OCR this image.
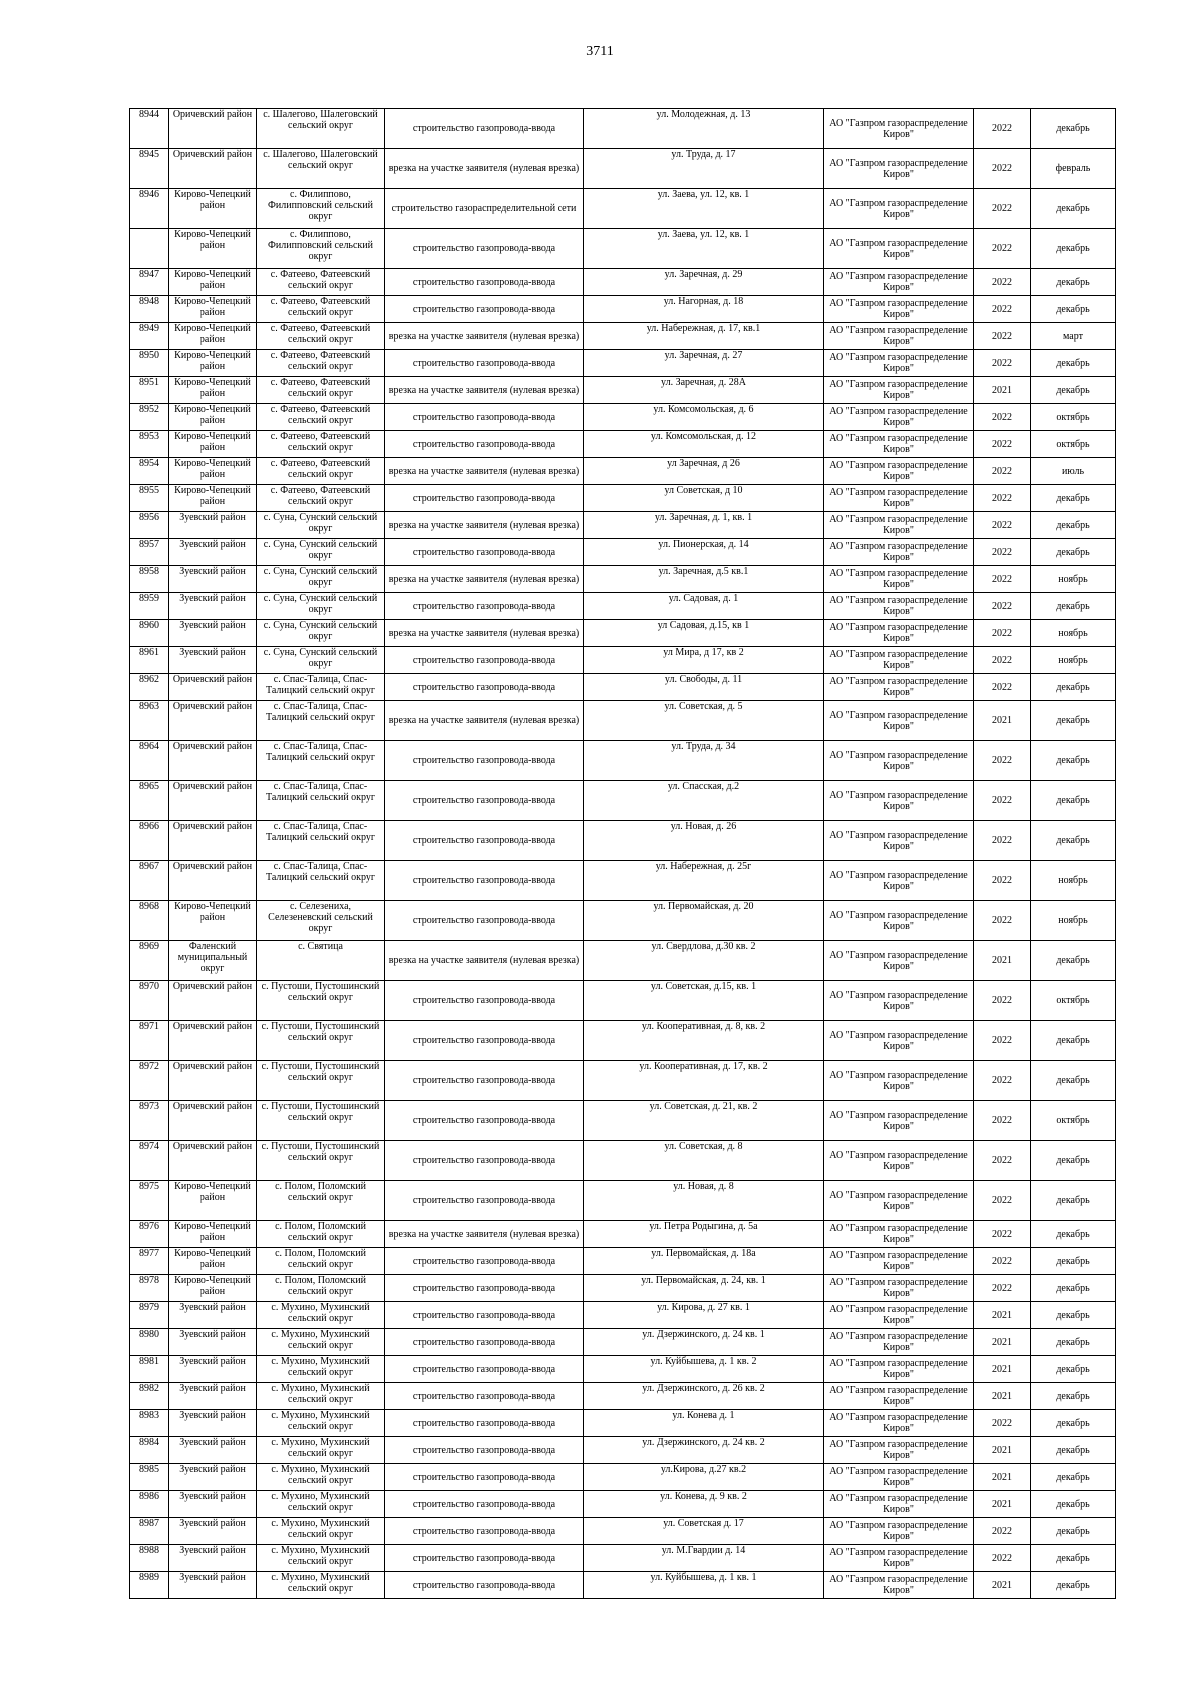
3711
8944	Оричевский район	с. Шалегово, Шалеговский сельский округ	строительство газопровода-ввода	ул. Молодежная, д. 13	АО "Газпром газораспределение Киров"	2022	декабрь
8945	Оричевский район	с. Шалегово, Шалеговский сельский округ	врезка на участке заявителя (нулевая врезка)	ул. Труда, д. 17	АО "Газпром газораспределение Киров"	2022	февраль
8946	Кирово-Чепецкий район	с. Филиппово, Филипповский сельский округ	строительство газораспределительной сети	ул. Зaeва, ул. 12, кв. 1	АО "Газпром газораспределение Киров"	2022	декабрь
	Кирово-Чепецкий район	с. Филиппово, Филипповский сельский округ	строительство газопровода-ввода	ул. Зaeва, ул. 12, кв. 1	АО "Газпром газораспределение Киров"	2022	декабрь
8947	Кирово-Чепецкий район	с. Фатеево, Фатеевский сельский округ	строительство газопровода-ввода	ул. Заречная, д. 29	АО "Газпром газораспределение Киров"	2022	декабрь
8948	Кирово-Чепецкий район	с. Фатеево, Фатеевский сельский округ	строительство газопровода-ввода	ул. Нагорная, д. 18	АО "Газпром газораспределение Киров"	2022	декабрь
8949	Кирово-Чепецкий район	с. Фатеево, Фатеевский сельский округ	врезка на участке заявителя (нулевая врезка)	ул. Набережная, д. 17, кв.1	АО "Газпром газораспределение Киров"	2022	март
8950	Кирово-Чепецкий район	с. Фатеево, Фатеевский сельский округ	строительство газопровода-ввода	ул. Заречная, д. 27	АО "Газпром газораспределение Киров"	2022	декабрь
8951	Кирово-Чепецкий район	с. Фатеево, Фатеевский сельский округ	врезка на участке заявителя (нулевая врезка)	ул. Заречная, д. 28А	АО "Газпром газораспределение Киров"	2021	декабрь
8952	Кирово-Чепецкий район	с. Фатеево, Фатеевский сельский округ	строительство газопровода-ввода	ул. Комсомольская, д. 6	АО "Газпром газораспределение Киров"	2022	октябрь
8953	Кирово-Чепецкий район	с. Фатеево, Фатеевский сельский округ	строительство газопровода-ввода	ул. Комсомольская, д. 12	АО "Газпром газораспределение Киров"	2022	октябрь
8954	Кирово-Чепецкий район	с. Фатеево, Фатеевский сельский округ	врезка на участке заявителя (нулевая врезка)	ул Заречная, д 26	АО "Газпром газораспределение Киров"	2022	июль
8955	Кирово-Чепецкий район	с. Фатеево, Фатеевский сельский округ	строительство газопровода-ввода	ул Советская, д 10	АО "Газпром газораспределение Киров"	2022	декабрь
8956	Зуевский район	с. Суна, Сунский сельский округ	врезка на участке заявителя (нулевая врезка)	ул. Заречная, д. 1, кв. 1	АО "Газпром газораспределение Киров"	2022	декабрь
8957	Зуевский район	с. Суна, Сунский сельский округ	строительство газопровода-ввода	ул. Пионерская, д. 14	АО "Газпром газораспределение Киров"	2022	декабрь
8958	Зуевский район	с. Суна, Сунский сельский округ	врезка на участке заявителя (нулевая врезка)	ул. Заречная, д.5 кв.1	АО "Газпром газораспределение Киров"	2022	ноябрь
8959	Зуевский район	с. Суна, Сунский сельский округ	строительство газопровода-ввода	ул. Садовая, д. 1	АО "Газпром газораспределение Киров"	2022	декабрь
8960	Зуевский район	с. Суна, Сунский сельский округ	врезка на участке заявителя (нулевая врезка)	ул Садовая, д.15, кв 1	АО "Газпром газораспределение Киров"	2022	ноябрь
8961	Зуевский район	с. Суна, Сунский сельский округ	строительство газопровода-ввода	ул Мира, д 17, кв 2	АО "Газпром газораспределение Киров"	2022	ноябрь
8962	Оричевский район	с. Спас-Талица, Спас-Талицкий сельский округ	строительство газопровода-ввода	ул. Свободы, д. 11	АО "Газпром газораспределение Киров"	2022	декабрь
8963	Оричевский район	с. Спас-Талица, Спас-Талицкий сельский округ	врезка на участке заявителя (нулевая врезка)	ул. Советская, д. 5	АО "Газпром газораспределение Киров"	2021	декабрь
8964	Оричевский район	с. Спас-Талица, Спас-Талицкий сельский округ	строительство газопровода-ввода	ул. Труда, д. 34	АО "Газпром газораспределение Киров"	2022	декабрь
8965	Оричевский район	с. Спас-Талица, Спас-Талицкий сельский округ	строительство газопровода-ввода	ул. Спасская, д.2	АО "Газпром газораспределение Киров"	2022	декабрь
8966	Оричевский район	с. Спас-Талица, Спас-Талицкий сельский округ	строительство газопровода-ввода	ул. Новая, д. 26	АО "Газпром газораспределение Киров"	2022	декабрь
8967	Оричевский район	с. Спас-Талица, Спас-Талицкий сельский округ	строительство газопровода-ввода	ул. Набережная, д. 25г	АО "Газпром газораспределение Киров"	2022	ноябрь
8968	Кирово-Чепецкий район	с. Селезениха, Селезеневский сельский округ	строительство газопровода-ввода	ул. Первомайская, д. 20	АО "Газпром газораспределение Киров"	2022	ноябрь
8969	Фаленский муниципальный округ	с. Святица	врезка на участке заявителя (нулевая врезка)	ул. Свердлова, д.30 кв. 2	АО "Газпром газораспределение Киров"	2021	декабрь
8970	Оричевский район	с. Пустоши, Пустошинский сельский округ	строительство газопровода-ввода	ул. Советская, д.15, кв. 1	АО "Газпром газораспределение Киров"	2022	октябрь
8971	Оричевский район	с. Пустоши, Пустошинский сельский округ	строительство газопровода-ввода	ул. Кооперативная, д. 8, кв. 2	АО "Газпром газораспределение Киров"	2022	декабрь
8972	Оричевский район	с. Пустоши, Пустошинский сельский округ	строительство газопровода-ввода	ул. Кооперативная, д. 17, кв. 2	АО "Газпром газораспределение Киров"	2022	декабрь
8973	Оричевский район	с. Пустоши, Пустошинский сельский округ	строительство газопровода-ввода	ул. Советская, д. 21, кв. 2	АО "Газпром газораспределение Киров"	2022	октябрь
8974	Оричевский район	с. Пустоши, Пустошинский сельский округ	строительство газопровода-ввода	ул. Советская, д. 8	АО "Газпром газораспределение Киров"	2022	декабрь
8975	Кирово-Чепецкий район	с. Полом, Поломский сельский округ	строительство газопровода-ввода	ул. Новая, д. 8	АО "Газпром газораспределение Киров"	2022	декабрь
8976	Кирово-Чепецкий район	с. Полом, Поломский сельский округ	врезка на участке заявителя (нулевая врезка)	ул. Петра Родыгина, д. 5а	АО "Газпром газораспределение Киров"	2022	декабрь
8977	Кирово-Чепецкий район	с. Полом, Поломский сельский округ	строительство газопровода-ввода	ул. Первомайская, д. 18а	АО "Газпром газораспределение Киров"	2022	декабрь
8978	Кирово-Чепецкий район	с. Полом, Поломский сельский округ	строительство газопровода-ввода	ул. Первомайская, д. 24, кв. 1	АО "Газпром газораспределение Киров"	2022	декабрь
8979	Зуевский район	с. Мухино, Мухинский сельский округ	строительство газопровода-ввода	ул. Кирова, д. 27 кв. 1	АО "Газпром газораспределение Киров"	2021	декабрь
8980	Зуевский район	с. Мухино, Мухинский сельский округ	строительство газопровода-ввода	ул. Дзержинского, д. 24 кв. 1	АО "Газпром газораспределение Киров"	2021	декабрь
8981	Зуевский район	с. Мухино, Мухинский сельский округ	строительство газопровода-ввода	ул. Куйбышева, д. 1 кв. 2	АО "Газпром газораспределение Киров"	2021	декабрь
8982	Зуевский район	с. Мухино, Мухинский сельский округ	строительство газопровода-ввода	ул. Дзержинского, д. 26 кв. 2	АО "Газпром газораспределение Киров"	2021	декабрь
8983	Зуевский район	с. Мухино, Мухинский сельский округ	строительство газопровода-ввода	ул. Конева д. 1	АО "Газпром газораспределение Киров"	2022	декабрь
8984	Зуевский район	с. Мухино, Мухинский сельский округ	строительство газопровода-ввода	ул. Дзержинского, д. 24 кв. 2	АО "Газпром газораспределение Киров"	2021	декабрь
8985	Зуевский район	с. Мухино, Мухинский сельский округ	строительство газопровода-ввода	ул.Кирова, д.27 кв.2	АО "Газпром газораспределение Киров"	2021	декабрь
8986	Зуевский район	с. Мухино, Мухинский сельский округ	строительство газопровода-ввода	ул. Конева, д. 9 кв. 2	АО "Газпром газораспределение Киров"	2021	декабрь
8987	Зуевский район	с. Мухино, Мухинский сельский округ	строительство газопровода-ввода	ул. Советская д. 17	АО "Газпром газораспределение Киров"	2022	декабрь
8988	Зуевский район	с. Мухино, Мухинский сельский округ	строительство газопровода-ввода	ул. М.Гвардии д. 14	АО "Газпром газораспределение Киров"	2022	декабрь
8989	Зуевский район	с. Мухино, Мухинский сельский округ	строительство газопровода-ввода	ул. Куйбышева, д. 1 кв. 1	АО "Газпром газораспределение Киров"	2021	декабрь
